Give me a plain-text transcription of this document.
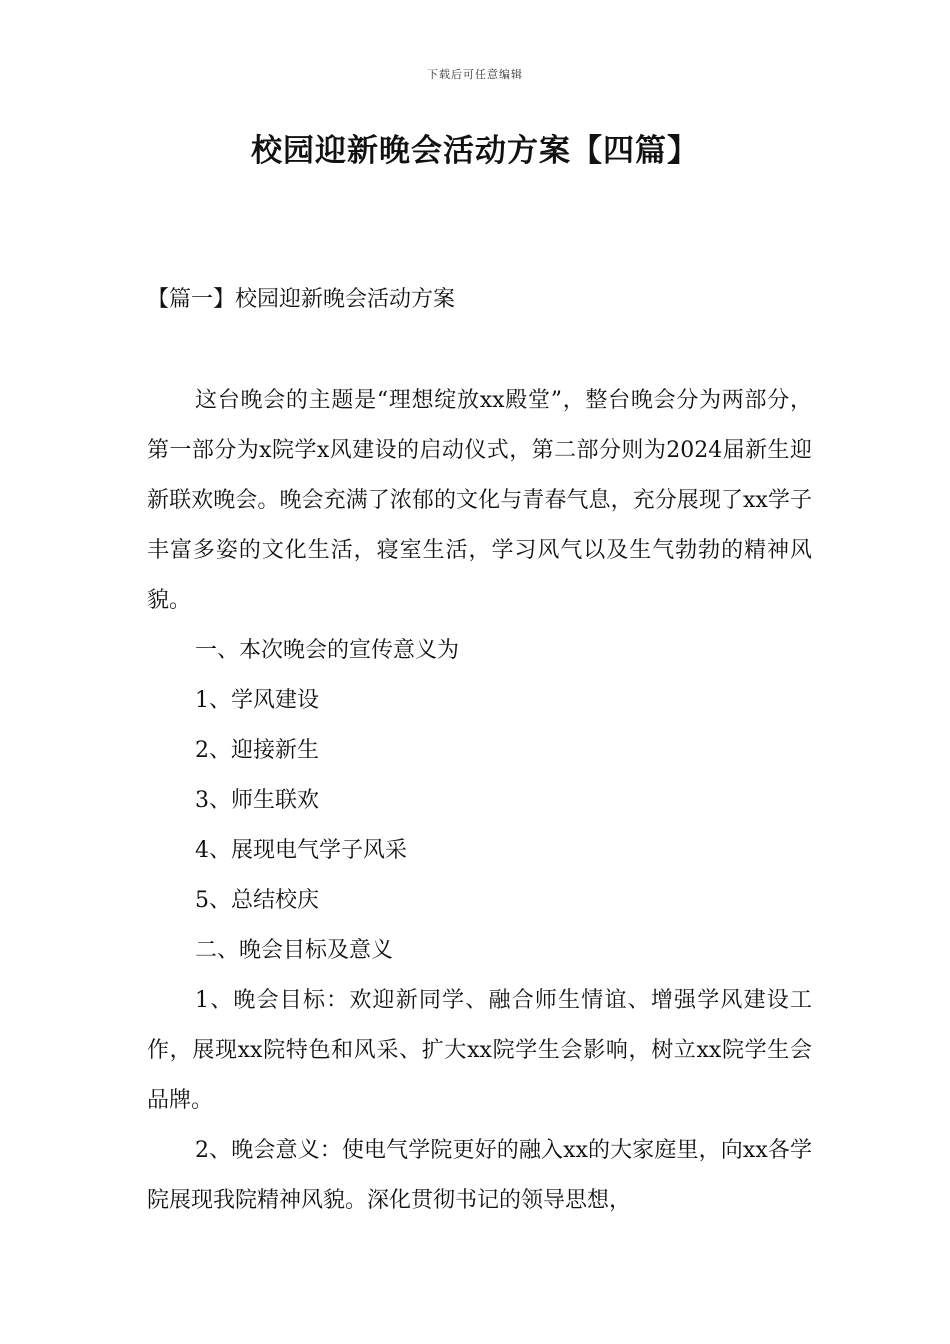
下载后可任意编辑
校园迎新晚会活动方案【四篇】
【篇一】校园迎新晚会活动方案

这台晚会的主题是“理想绽放xx殿堂”，整台晚会分为两部分，第一部分为x院学x风建设的启动仪式，第二部分则为2024届新生迎新联欢晚会。晚会充满了浓郁的文化与青春气息，充分展现了xx学子丰富多姿的文化生活，寝室生活，学习风气以及生气勃勃的精神风貌。

一、本次晚会的宣传意义为

1、学风建设

2、迎接新生

3、师生联欢

4、展现电气学子风采

5、总结校庆

二、晚会目标及意义

1、晚会目标：欢迎新同学、融合师生情谊、增强学风建设工作，展现xx院特色和风采、扩大xx院学生会影响，树立xx院学生会品牌。

2、晚会意义：使电气学院更好的融入xx的大家庭里，向xx各学院展现我院精神风貌。深化贯彻书记的领导思想，
